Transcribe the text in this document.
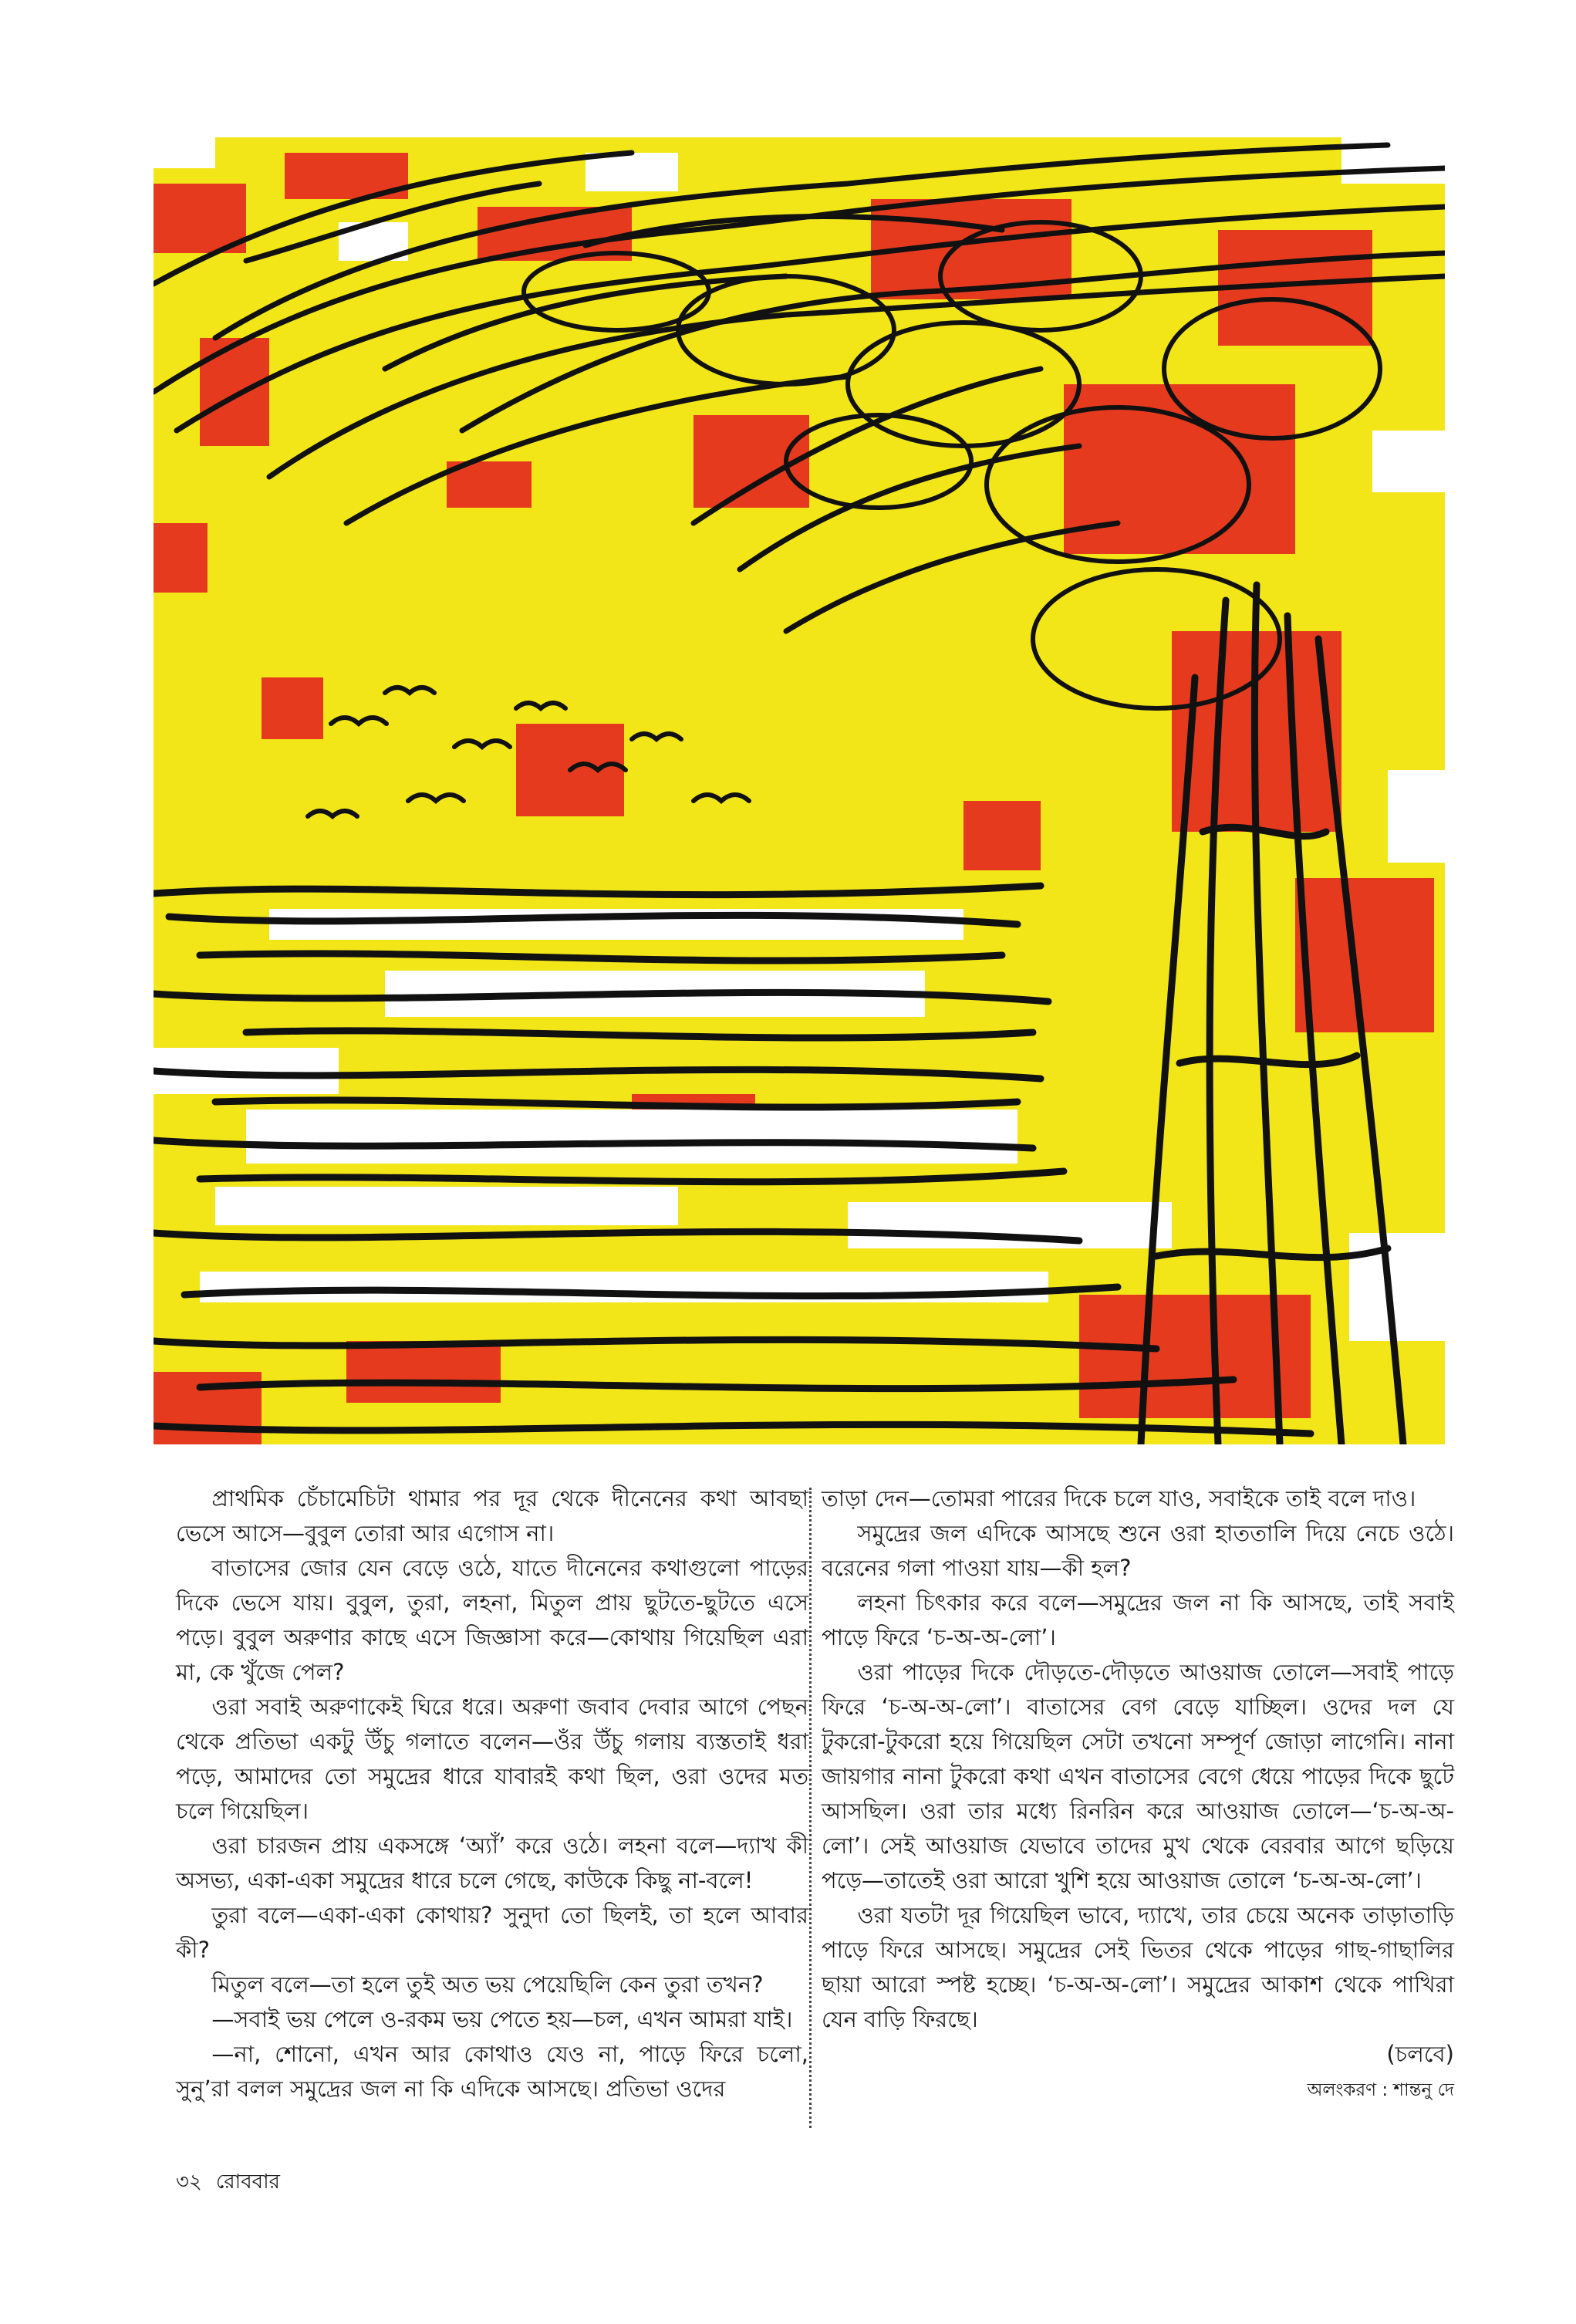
প্রাথমিক চেঁচামেচিটা থামার পর দূর থেকে দীনেনের কথা আবছা ভেসে আসে—বুবুল তোরা আর এগোস না।

বাতাসের জোর যেন বেড়ে ওঠে, যাতে দীনেনের কথাগুলো পাড়ের দিকে ভেসে যায়। বুবুল, তুরা, লহনা, মিতুল প্রায় ছুটতে-ছুটতে এসে পড়ে। বুবুল অরুণার কাছে এসে জিজ্ঞাসা করে—কোথায় গিয়েছিল এরা মা, কে খুঁজে পেল?

ওরা সবাই অরুণাকেই ঘিরে ধরে। অরুণা জবাব দেবার আগে পেছন থেকে প্রতিভা একটু উঁচু গলাতে বলেন—ওঁর উঁচু গলায় ব্যস্ততাই ধরা পড়ে, আমাদের তো সমুদ্রের ধারে যাবারই কথা ছিল, ওরা ওদের মত চলে গিয়েছিল।

ওরা চারজন প্রায় একসঙ্গে ‘অ্যাঁ’ করে ওঠে। লহনা বলে—দ্যাখ কী অসভ্য, একা-একা সমুদ্রের ধারে চলে গেছে, কাউকে কিছু না-বলে!

তুরা বলে—একা-একা কোথায়? সুনুদা তো ছিলই, তা হলে আবার কী?

মিতুল বলে—তা হলে তুই অত ভয় পেয়েছিলি কেন তুরা তখন?

—সবাই ভয় পেলে ও-রকম ভয় পেতে হয়—চল, এখন আমরা যাই।

—না, শোনো, এখন আর কোথাও যেও না, পাড়ে ফিরে চলো, সুনু’রা বলল সমুদ্রের জল না কি এদিকে আসছে। প্রতিভা ওদের

তাড়া দেন—তোমরা পারের দিকে চলে যাও, সবাইকে তাই বলে দাও।

সমুদ্রের জল এদিকে আসছে শুনে ওরা হাততালি দিয়ে নেচে ওঠে। বরেনের গলা পাওয়া যায়—কী হল?

লহনা চিৎকার করে বলে—সমুদ্রের জল না কি আসছে, তাই সবাই পাড়ে ফিরে ‘চ-অ-অ-লো’।

ওরা পাড়ের দিকে দৌড়তে-দৌড়তে আওয়াজ তোলে—সবাই পাড়ে ফিরে ‘চ-অ-অ-লো’। বাতাসের বেগ বেড়ে যাচ্ছিল। ওদের দল যে টুকরো-টুকরো হয়ে গিয়েছিল সেটা তখনো সম্পূর্ণ জোড়া লাগেনি। নানা জায়গার নানা টুকরো কথা এখন বাতাসের বেগে ধেয়ে পাড়ের দিকে ছুটে আসছিল। ওরা তার মধ্যে রিনরিন করে আওয়াজ তোলে—‘চ-অ-অ-লো’। সেই আওয়াজ যেভাবে তাদের মুখ থেকে বেরবার আগে ছড়িয়ে পড়ে—তাতেই ওরা আরো খুশি হয়ে আওয়াজ তোলে ‘চ-অ-অ-লো’।

ওরা যতটা দূর গিয়েছিল ভাবে, দ্যাখে, তার চেয়ে অনেক তাড়াতাড়ি পাড়ে ফিরে আসছে। সমুদ্রের সেই ভিতর থেকে পাড়ের গাছ-গাছালির ছায়া আরো স্পষ্ট হচ্ছে। ‘চ-অ-অ-লো’। সমুদ্রের আকাশ থেকে পাখিরা যেন বাড়ি ফিরছে।

(চলবে)
অলংকরণ : শান্তনু দে
৩২ রোববার
